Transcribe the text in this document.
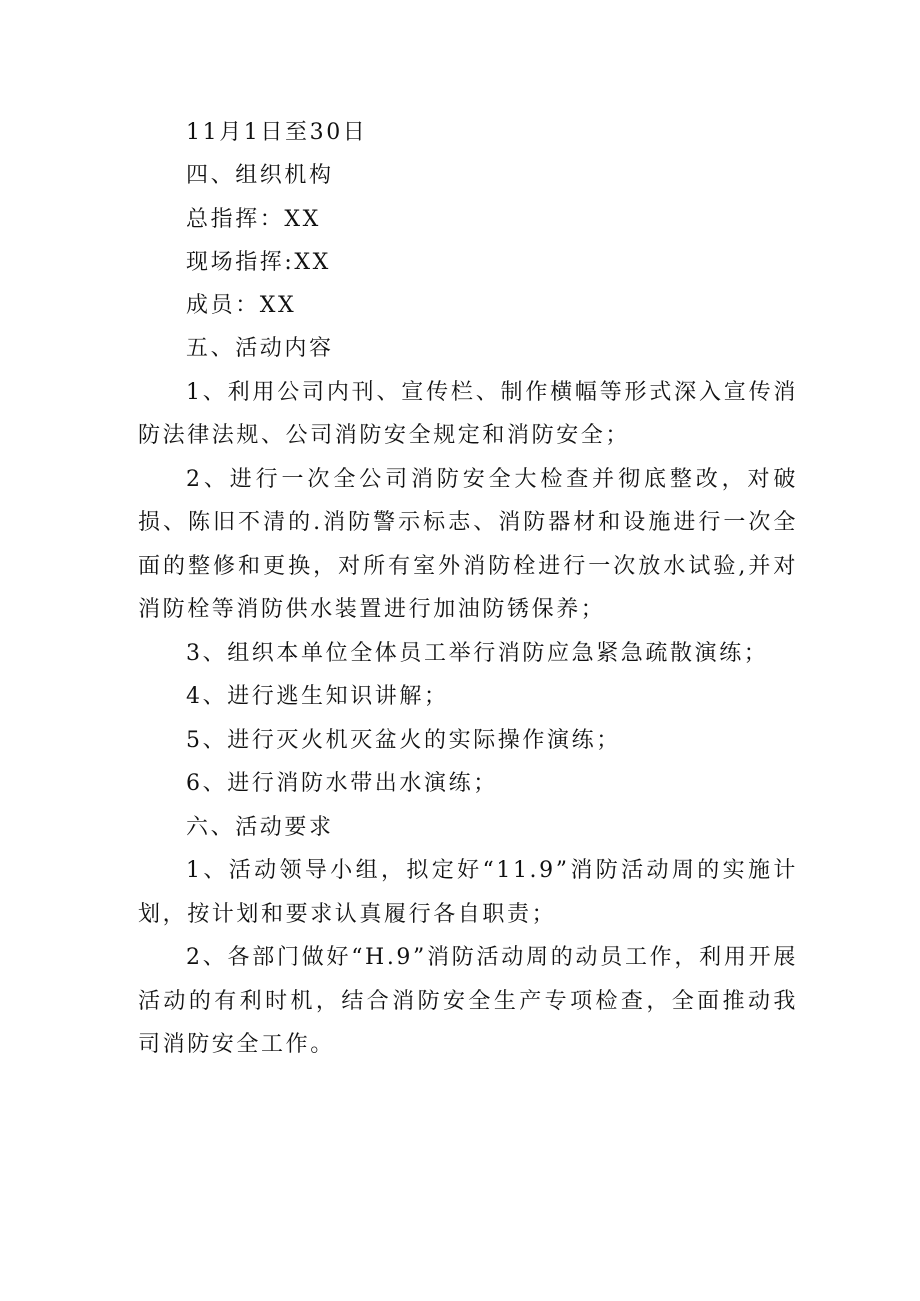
11月1日至30日

四、组织机构

总指挥：XX

现场指挥:XX

成员：XX

五、活动内容

1、利用公司内刊、宣传栏、制作横幅等形式深入宣传消防法律法规、公司消防安全规定和消防安全；

2、进行一次全公司消防安全大检查并彻底整改，对破损、陈旧不清的.消防警示标志、消防器材和设施进行一次全面的整修和更换，对所有室外消防栓进行一次放水试验,并对消防栓等消防供水装置进行加油防锈保养；

3、组织本单位全体员工举行消防应急紧急疏散演练；

4、进行逃生知识讲解；

5、进行灭火机灭盆火的实际操作演练；

6、进行消防水带出水演练；

六、活动要求

1、活动领导小组，拟定好“11.9”消防活动周的实施计划，按计划和要求认真履行各自职责；

2、各部门做好“H.9”消防活动周的动员工作，利用开展活动的有利时机，结合消防安全生产专项检查，全面推动我司消防安全工作。
